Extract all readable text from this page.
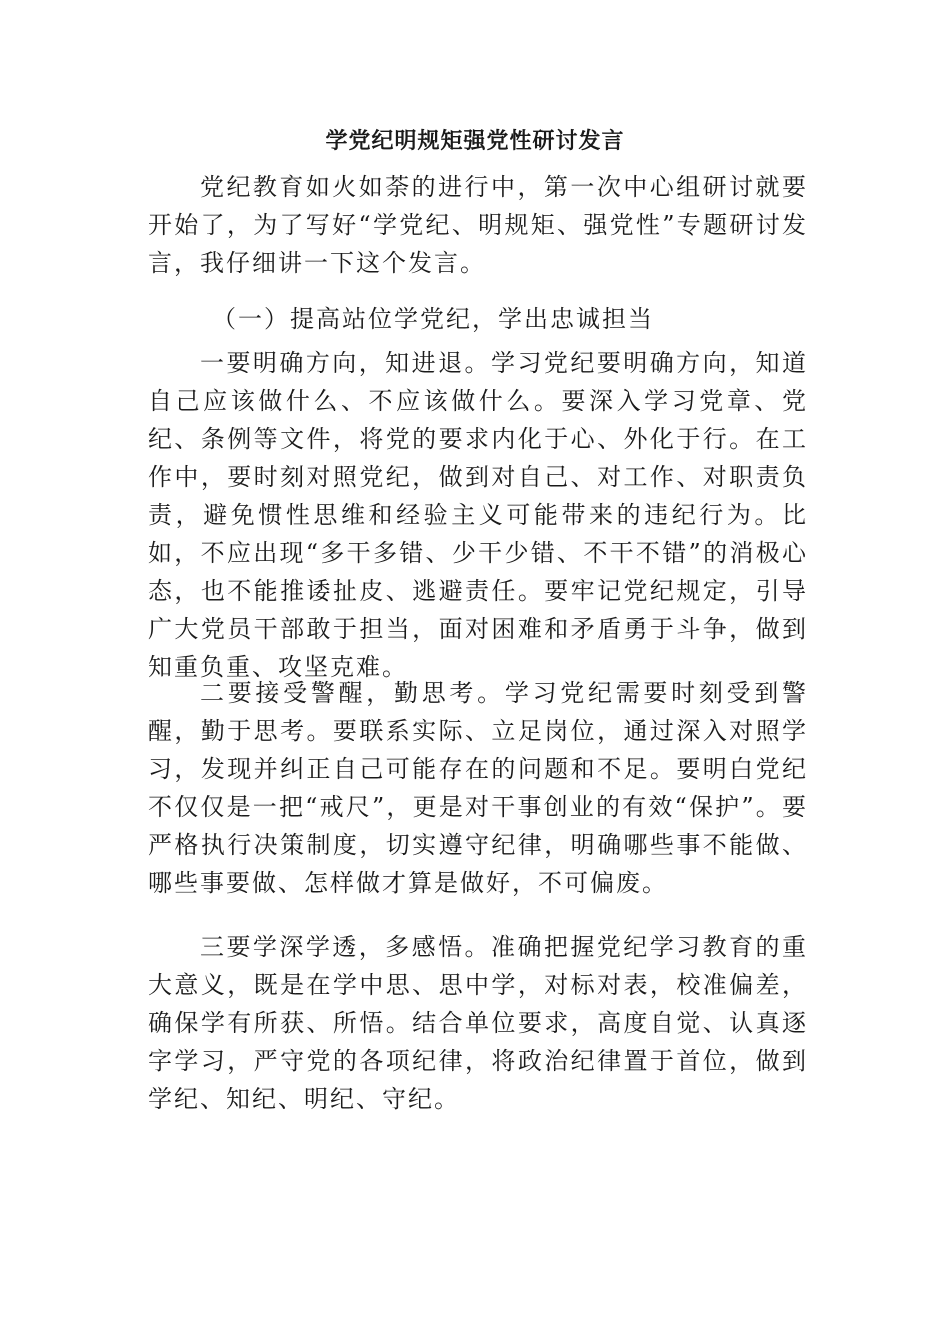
学党纪明规矩强党性研讨发言

党纪教育如火如荼的进行中，第一次中心组研讨就要开始了，为了写好“学党纪、明规矩、强党性”专题研讨发言，我仔细讲一下这个发言。

（一）提高站位学党纪，学出忠诚担当

一要明确方向，知进退。学习党纪要明确方向，知道自己应该做什么、不应该做什么。要深入学习党章、党纪、条例等文件，将党的要求内化于心、外化于行。在工作中，要时刻对照党纪，做到对自己、对工作、对职责负责，避免惯性思维和经验主义可能带来的违纪行为。比如，不应出现“多干多错、少干少错、不干不错”的消极心态，也不能推诿扯皮、逃避责任。要牢记党纪规定，引导广大党员干部敢于担当，面对困难和矛盾勇于斗争，做到知重负重、攻坚克难。

二要接受警醒，勤思考。学习党纪需要时刻受到警醒，勤于思考。要联系实际、立足岗位，通过深入对照学习，发现并纠正自己可能存在的问题和不足。要明白党纪不仅仅是一把“戒尺”，更是对干事创业的有效“保护”。要严格执行决策制度，切实遵守纪律，明确哪些事不能做、哪些事要做、怎样做才算是做好，不可偏废。

三要学深学透，多感悟。准确把握党纪学习教育的重大意义，既是在学中思、思中学，对标对表，校准偏差，确保学有所获、所悟。结合单位要求，高度自觉、认真逐字学习，严守党的各项纪律，将政治纪律置于首位，做到学纪、知纪、明纪、守纪。
